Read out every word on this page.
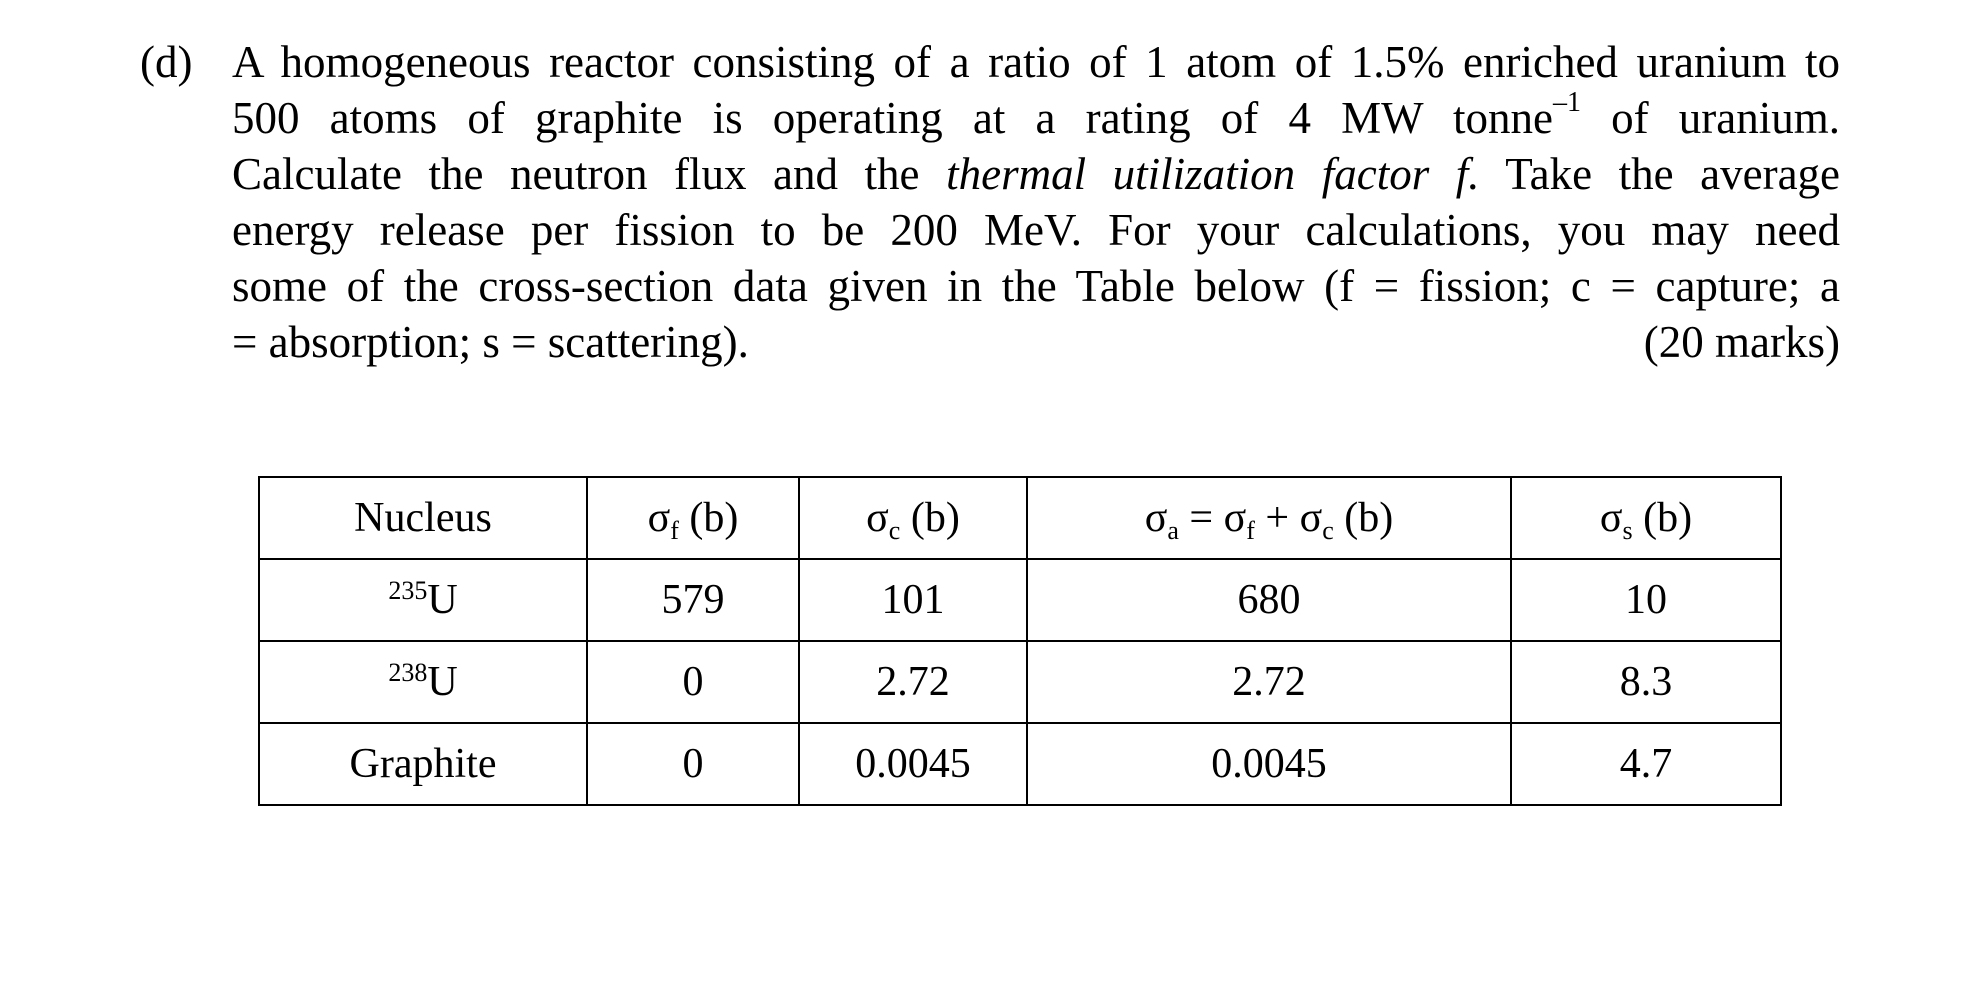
(d) A homogeneous reactor consisting of a ratio of 1 atom of 1.5% enriched uranium to
500 atoms of graphite is operating at a rating of 4 MW tonne$^{-1}$ of uranium.
Calculate the neutron flux and the thermal utilization factor f. Take the average
energy release per fission to be 200 MeV. For your calculations, you may need
some of the cross-section data given in the Table below (f = fission; c = capture; a
= absorption; s = scattering).	(20 marks)
Nucleus	$\sigma_f$ (b)	$\sigma_c$ (b)	$\sigma_a = \sigma_f + \sigma_c$ (b)	$\sigma_s$ (b)
$^{235}$U	579	101	680	10
$^{238}$U	0	2.72	2.72	8.3
Graphite	0	0.0045	0.0045	4.7
